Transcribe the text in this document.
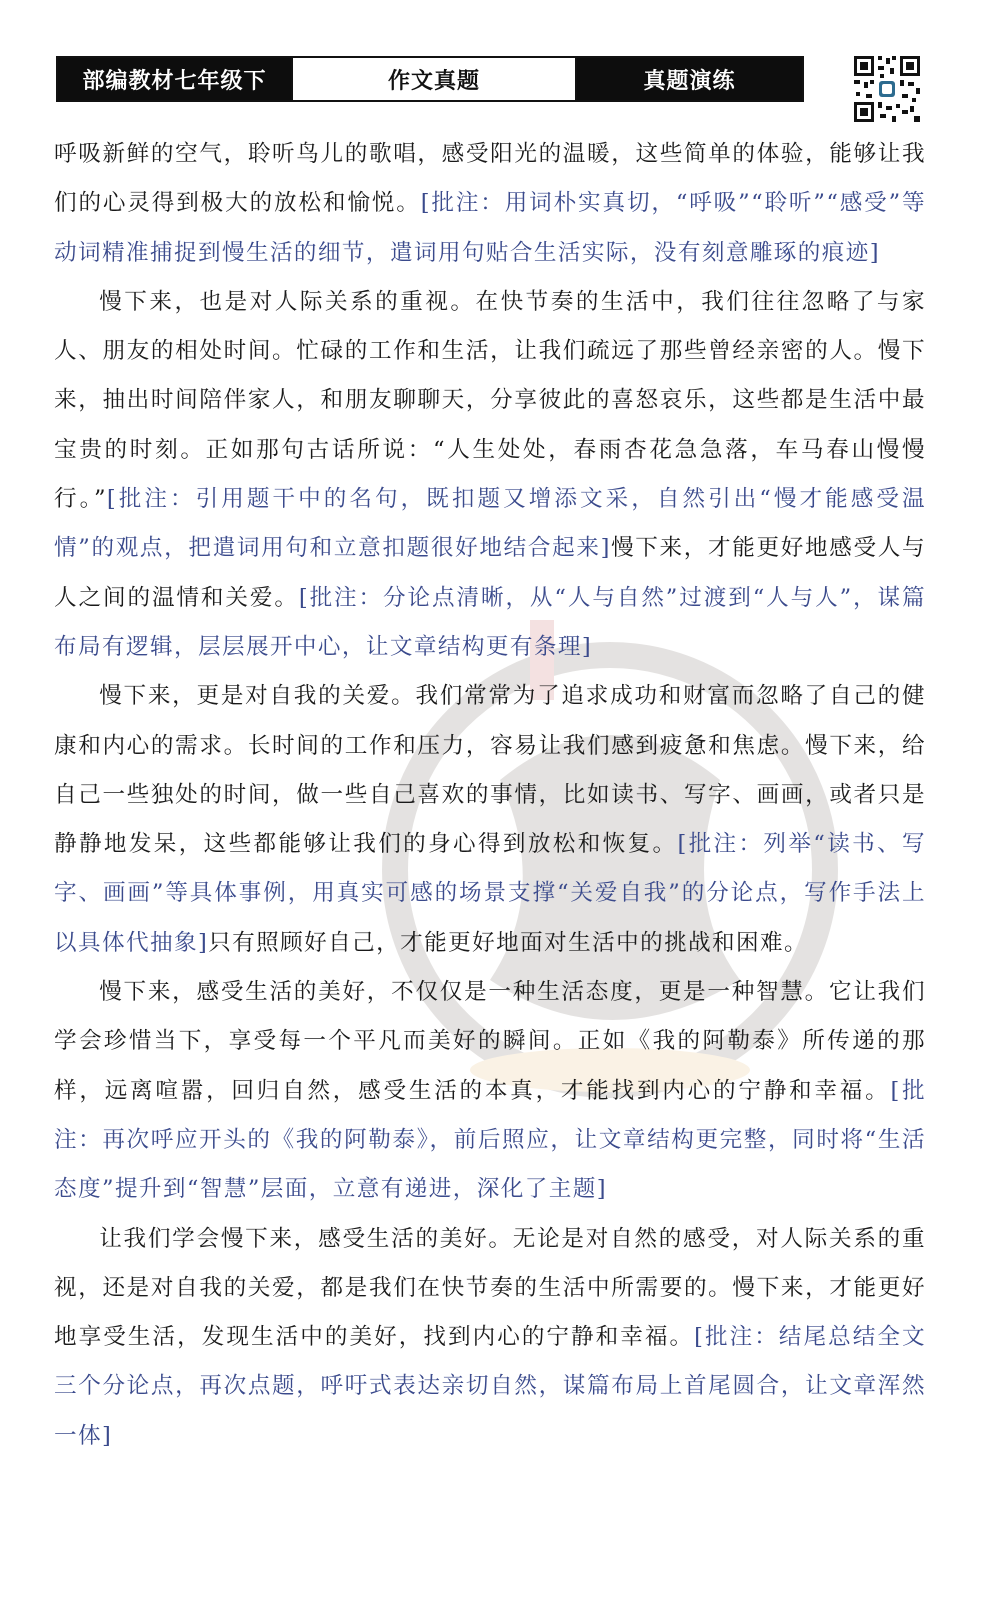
部编教材七年级下	作文真题	真题演练

呼吸新鲜的空气，聆听鸟儿的歌唱，感受阳光的温暖，这些简单的体验，能够让我们的心灵得到极大的放松和愉悦。[批注：用词朴实真切，“呼吸”“聆听”“感受”等动词精准捕捉到慢生活的细节，遣词用句贴合生活实际，没有刻意雕琢的痕迹]

慢下来，也是对人际关系的重视。在快节奏的生活中，我们往往忽略了与家人、朋友的相处时间。忙碌的工作和生活，让我们疏远了那些曾经亲密的人。慢下来，抽出时间陪伴家人，和朋友聊聊天，分享彼此的喜怒哀乐，这些都是生活中最宝贵的时刻。正如那句古话所说：“人生处处，春雨杏花急急落，车马春山慢慢行。”[批注：引用题干中的名句，既扣题又增添文采，自然引出“慢才能感受温情”的观点，把遣词用句和立意扣题很好地结合起来]慢下来，才能更好地感受人与人之间的温情和关爱。[批注：分论点清晰，从“人与自然”过渡到“人与人”，谋篇布局有逻辑，层层展开中心，让文章结构更有条理]

慢下来，更是对自我的关爱。我们常常为了追求成功和财富而忽略了自己的健康和内心的需求。长时间的工作和压力，容易让我们感到疲惫和焦虑。慢下来，给自己一些独处的时间，做一些自己喜欢的事情，比如读书、写字、画画，或者只是静静地发呆，这些都能够让我们的身心得到放松和恢复。[批注：列举“读书、写字、画画”等具体事例，用真实可感的场景支撑“关爱自我”的分论点，写作手法上以具体代抽象]只有照顾好自己，才能更好地面对生活中的挑战和困难。

慢下来，感受生活的美好，不仅仅是一种生活态度，更是一种智慧。它让我们学会珍惜当下，享受每一个平凡而美好的瞬间。正如《我的阿勒泰》所传递的那样，远离喧嚣，回归自然，感受生活的本真，才能找到内心的宁静和幸福。[批注：再次呼应开头的《我的阿勒泰》，前后照应，让文章结构更完整，同时将“生活态度”提升到“智慧”层面，立意有递进，深化了主题]

让我们学会慢下来，感受生活的美好。无论是对自然的感受，对人际关系的重视，还是对自我的关爱，都是我们在快节奏的生活中所需要的。慢下来，才能更好地享受生活，发现生活中的美好，找到内心的宁静和幸福。[批注：结尾总结全文三个分论点，再次点题，呼吁式表达亲切自然，谋篇布局上首尾圆合，让文章浑然一体]
